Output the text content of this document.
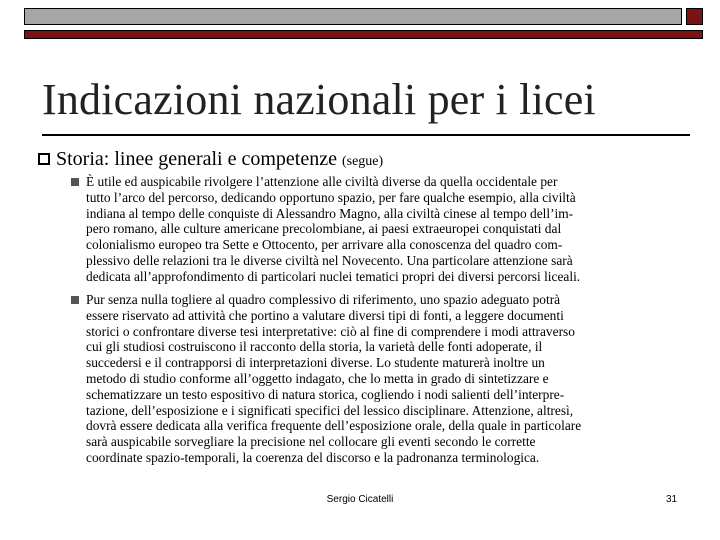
Indicazioni nazionali per i licei
Storia: linee generali e competenze (segue)
È utile ed auspicabile rivolgere l’attenzione alle civiltà diverse da quella occidentale per
tutto l’arco del percorso, dedicando opportuno spazio, per fare qualche esempio, alla civiltà
indiana al tempo delle conquiste di Alessandro Magno, alla civiltà cinese al tempo dell’im-
pero romano, alle culture americane precolombiane, ai paesi extraeuropei conquistati dal
colonialismo europeo tra Sette e Ottocento, per arrivare alla conoscenza del quadro com-
plessivo delle relazioni tra le diverse civiltà nel Novecento. Una particolare attenzione sarà
dedicata all’approfondimento di particolari nuclei tematici propri dei diversi percorsi liceali.
Pur senza nulla togliere al quadro complessivo di riferimento, uno spazio adeguato potrà
essere riservato ad attività che portino a valutare diversi tipi di fonti, a leggere documenti
storici o confrontare diverse tesi interpretative: ciò al fine di comprendere i modi attraverso
cui gli studiosi costruiscono il racconto della storia, la varietà delle fonti adoperate, il
succedersi e il contrapporsi di interpretazioni diverse. Lo studente maturerà inoltre un
metodo di studio conforme all’oggetto indagato, che lo metta in grado di sintetizzare e
schematizzare un testo espositivo di natura storica, cogliendo i nodi salienti dell’interpre-
tazione, dell’esposizione e i significati specifici del lessico disciplinare. Attenzione, altresì,
dovrà essere dedicata alla verifica frequente dell’esposizione orale, della quale in particolare
sarà auspicabile sorvegliare la precisione nel collocare gli eventi secondo le corrette
coordinate spazio-temporali, la coerenza del discorso e la padronanza terminologica.
Sergio Cicatelli	31
